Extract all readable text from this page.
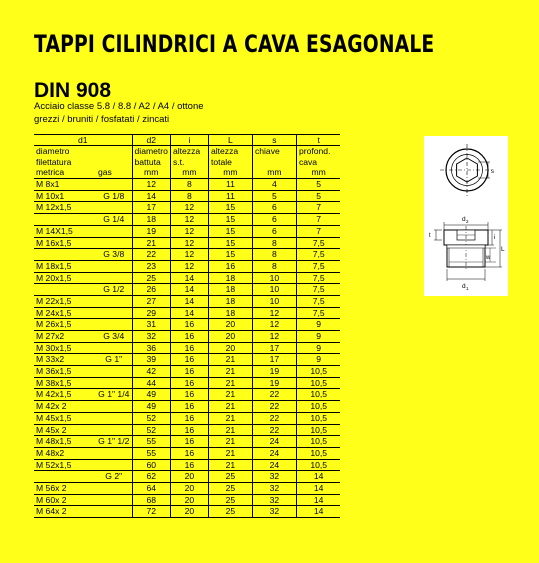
TAPPI CILINDRICI A CAVA ESAGONALE
DIN 908
Acciaio classe 5.8 / 8.8 / A2 / A4 / ottone
grezzi / bruniti / fosfatati / zincati
d1		d2	i	L	s	t
diametro		diametro	altezza	altezza	chiave	profond.
filettatura		battuta	s.t.	totale		cava
metrica	gas	mm	mm	mm	mm	mm
M 8x1		12	8	11	4	5
M 10x1	G 1/8	14	8	11	5	5
M 12x1,5		17	12	15	6	7
	G 1/4	18	12	15	6	7
M 14X1,5		19	12	15	6	7
M 16x1,5		21	12	15	8	7,5
	G 3/8	22	12	15	8	7,5
M 18x1,5		23	12	16	8	7,5
M 20x1,5		25	14	18	10	7,5
	G 1/2	26	14	18	10	7,5
M 22x1,5		27	14	18	10	7,5
M 24x1,5		29	14	18	12	7,5
M 26x1,5		31	16	20	12	9
M 27x2	G 3/4	32	16	20	12	9
M 30x1,5		36	16	20	17	9
M 33x2	G 1"	39	16	21	17	9
M 36x1,5		42	16	21	19	10,5
M 38x1,5		44	16	21	19	10,5
M 42x1,5	G 1" 1/4	49	16	21	22	10,5
M 42x 2		49	16	21	22	10,5
M 45x1,5		52	16	21	22	10,5
M 45x 2		52	16	21	22	10,5
M 48x1,5	G 1" 1/2	55	16	21	24	10,5
M 48x2		55	16	21	24	10,5
M 52x1,5		60	16	21	24	10,5
	G 2"	62	20	25	32	14
M 56x 2		64	20	25	32	14
M 60x 2		68	20	25	32	14
M 64x 2		72	20	25	32	14
s
d 2
t	i
L
w
d 1
